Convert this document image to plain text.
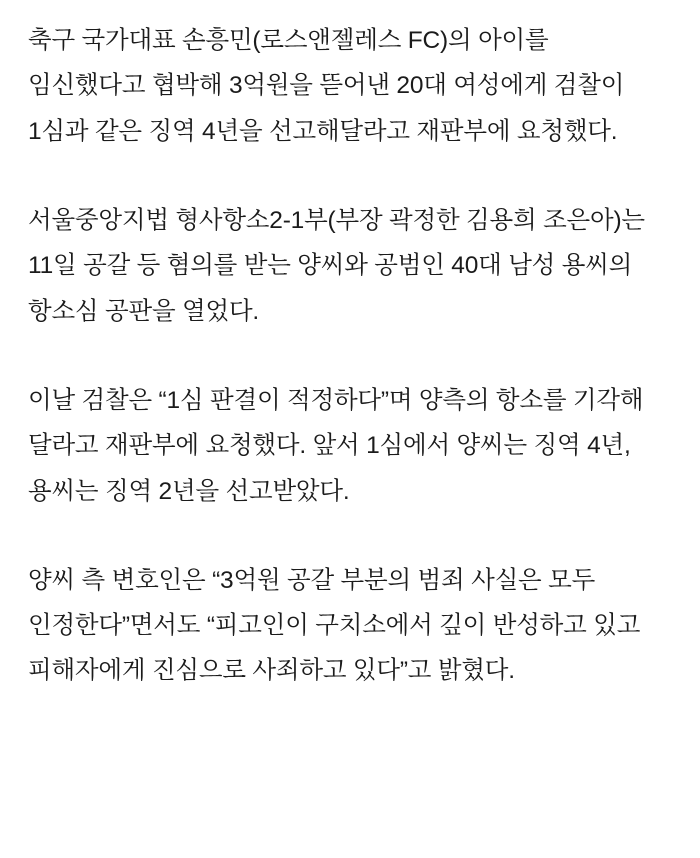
축구 국가대표 손흥민(로스앤젤레스 FC)의 아이를 임신했다고 협박해 3억원을 뜯어낸 20대 여성에게 검찰이 1심과 같은 징역 4년을 선고해달라고 재판부에 요청했다.

서울중앙지법 형사항소2-1부(부장 곽정한 김용희 조은아)는 11일 공갈 등 혐의를 받는 양씨와 공범인 40대 남성 용씨의 항소심 공판을 열었다.

이날 검찰은 “1심 판결이 적정하다”며 양측의 항소를 기각해 달라고 재판부에 요청했다. 앞서 1심에서 양씨는 징역 4년, 용씨는 징역 2년을 선고받았다.

양씨 측 변호인은 “3억원 공갈 부분의 범죄 사실은 모두 인정한다”면서도 “피고인이 구치소에서 깊이 반성하고 있고 피해자에게 진심으로 사죄하고 있다”고 밝혔다.
